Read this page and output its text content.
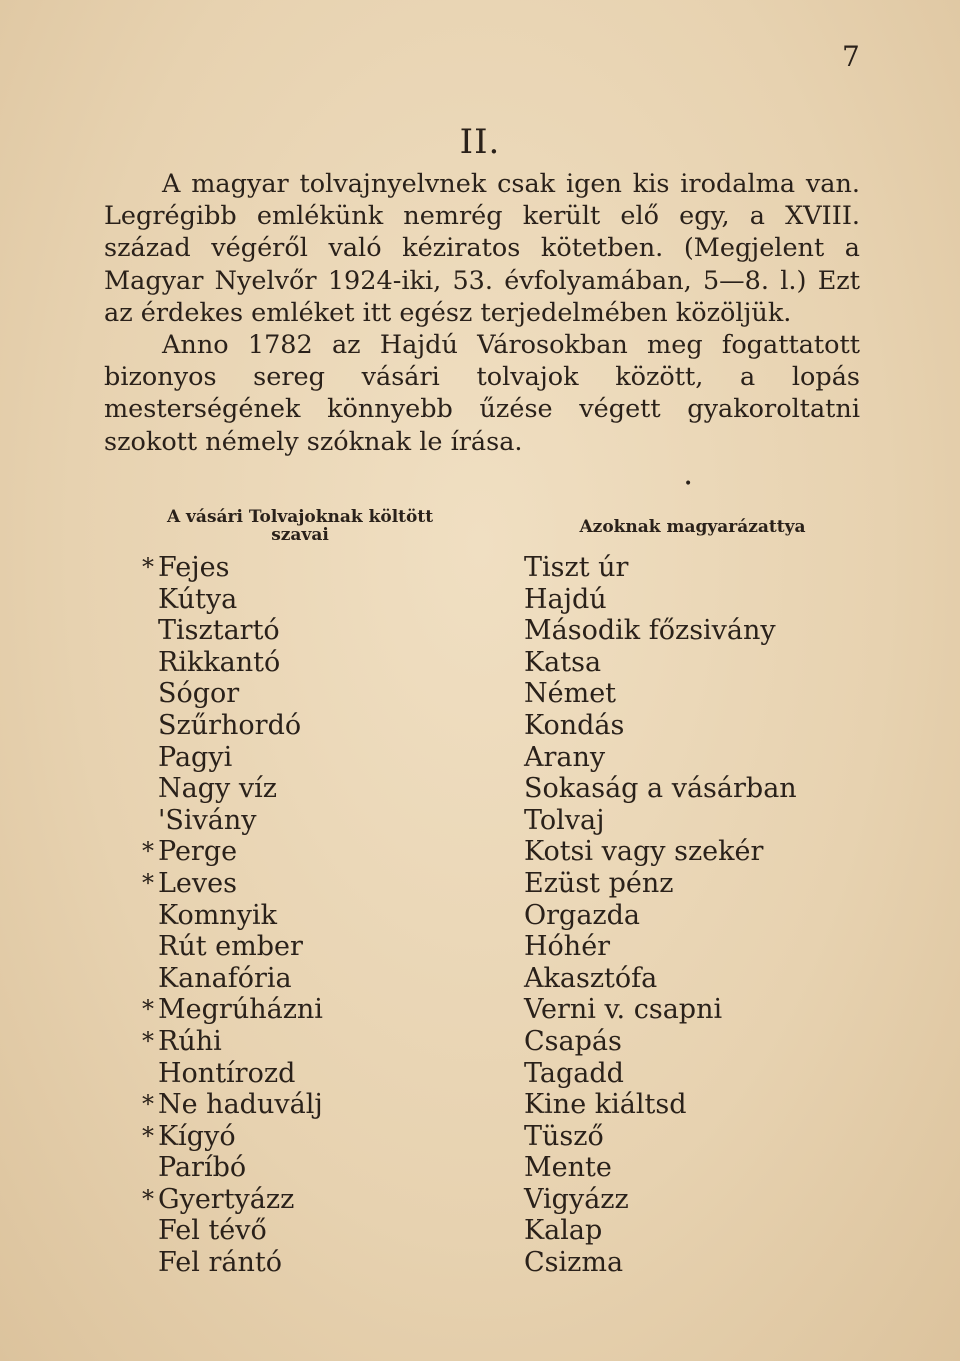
7
II.

A magyar tolvajnyelvnek csak igen kis irodalma van. Legrégibb emlékünk nemrég került elő egy, a XVIII. század végéről való kéziratos kötetben. (Megjelent a Magyar Nyelvőr 1924-iki, 53. évfolyamában, 5—8. l.) Ezt az érdekes emléket itt egész terjedelmében közöljük.

Anno 1782 az Hajdú Városokban meg fogattatott bizonyos sereg vásári tolvajok között, a lopás mesterségének könnyebb űzése végett gyakoroltatni szokott némely szóknak le írása.

•
A vásári Tolvajoknak költött szavai	Azoknak magyarázattya
* Fejes	Tiszt úr
Kútya	Hajdú
Tisztartó	Második főzsivány
Rikkantó	Katsa
Sógor	Német
Szűrhordó	Kondás
Pagyi	Arany
Nagy víz	Sokaság a vásárban
'Sivány	Tolvaj
* Perge	Kotsi vagy szekér
* Leves	Ezüst pénz
Komnyik	Orgazda
Rút ember	Hóhér
Kanafória	Akasztófa
* Megrúházni	Verni v. csapni
* Rúhi	Csapás
Hontírozd	Tagadd
* Ne haduválj	Kine kiáltsd
* Kígyó	Tüsző
Paríbó	Mente
* Gyertyázz	Vigyázz
Fel tévő	Kalap
Fel rántó	Csizma
